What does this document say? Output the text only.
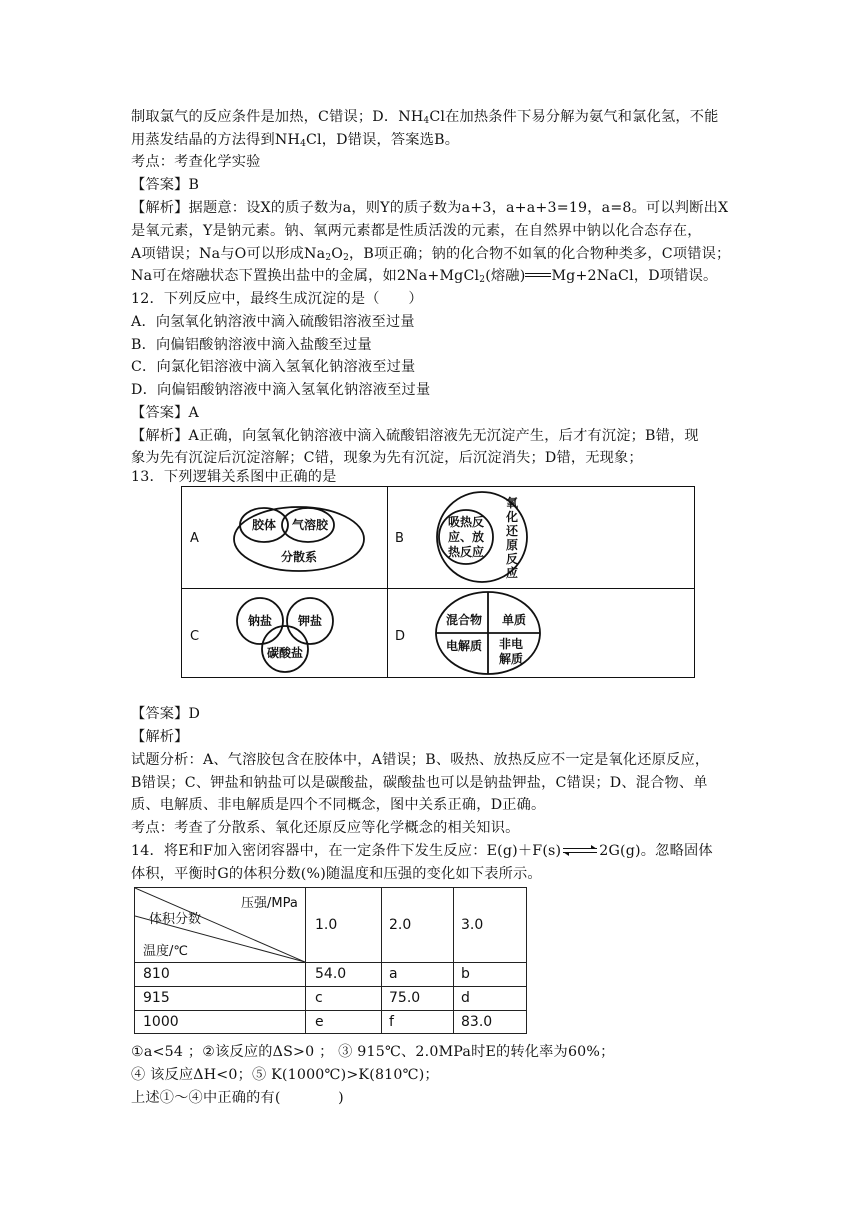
制取氯气的反应条件是加热，C错误；D．$NH_4Cl$在加热条件下易分解为氨气和氯化氢，不能
用蒸发结晶的方法得到$NH_4Cl$，D错误，答案选B。
考点：考查化学实验
【答案】B
【解析】据题意：设X的质子数为a，则Y的质子数为a+3，a+a+3=19，a=8。可以判断出X
是氧元素，Y是钠元素。钠、氧两元素都是性质活泼的元素，在自然界中钠以化合态存在，
A项错误；Na与O可以形成$Na_2O_2$，B项正确；钠的化合物不如氧的化合物种类多，C项错误；
Na可在熔融状态下置换出盐中的金属，如2Na+MgCl$_2$(熔融) Mg+2NaCl，D项错误。
12．下列反应中，最终生成沉淀的是（　　）
A．向氢氧化钠溶液中滴入硫酸铝溶液至过量
B．向偏铝酸钠溶液中滴入盐酸至过量
C．向氯化铝溶液中滴入氢氧化钠溶液至过量
D．向偏铝酸钠溶液中滴入氢氧化钠溶液至过量
【答案】A
【解析】A正确，向氢氧化钠溶液中滴入硫酸铝溶液先无沉淀产生，后才有沉淀；B错，现
象为先有沉淀后沉淀溶解；C错，现象为先有沉淀，后沉淀消失；D错，无现象；
13．下列逻辑关系图中正确的是
A
胶体 气溶胶
分散系
B
吸热反
应、放
热反应
氧
化
还
原
反
应
C
钠盐 钾盐
碳酸盐
D
混合物 单质
电解质 非电
解质
【答案】D
【解析】
试题分析：A、气溶胶包含在胶体中，A错误；B、吸热、放热反应不一定是氧化还原反应，
B错误；C、钾盐和钠盐可以是碳酸盐，碳酸盐也可以是钠盐钾盐，C错误；D、混合物、单
质、电解质、非电解质是四个不同概念，图中关系正确，D正确。
考点：考查了分散系、氧化还原反应等化学概念的相关知识。
14．将E和F加入密闭容器中，在一定条件下发生反应：E(g)＋F(s) ⇌ 2G(g)。忽略固体
体积，平衡时G的体积分数(%)随温度和压强的变化如下表所示。
压强/MPa
体积分数
温度/℃
1.0	2.0	3.0
810	54.0	a	b
915	c	75.0	d
1000	e	f	83.0
①a<54 ；②该反应的ΔS>0 ； ③ 915℃、2.0MPa时E的转化率为60%；
④ 该反应ΔH<0；⑤ K(1000℃)>K(810℃)；
上述①～④中正确的有(　　　　)
